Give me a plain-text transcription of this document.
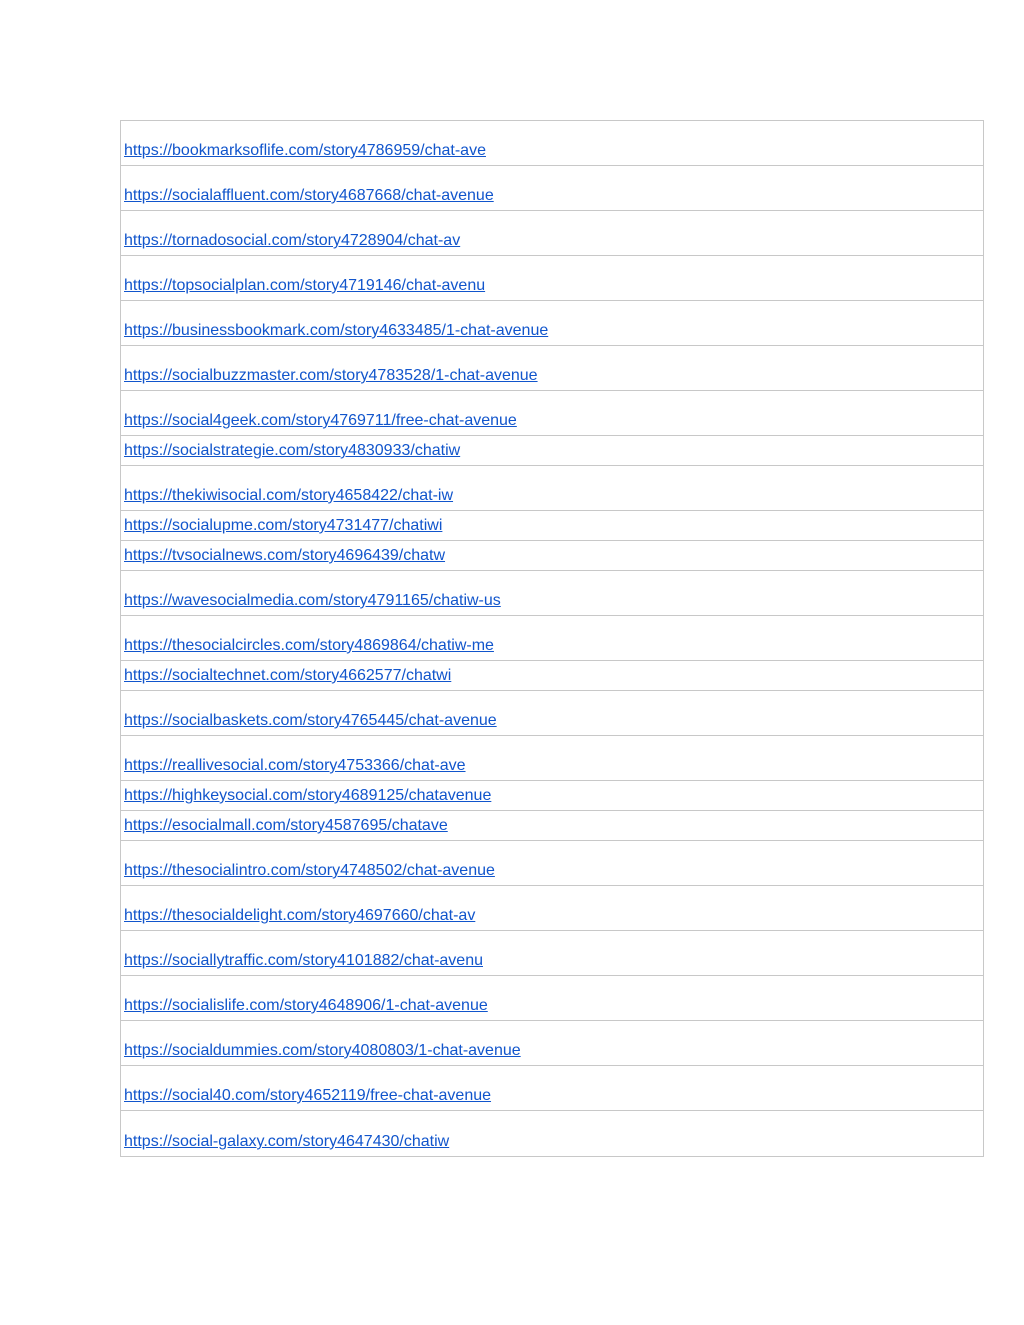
https://bookmarksoflife.com/story4786959/chat-ave
https://socialaffluent.com/story4687668/chat-avenue
https://tornadosocial.com/story4728904/chat-av
https://topsocialplan.com/story4719146/chat-avenu
https://businessbookmark.com/story4633485/1-chat-avenue
https://socialbuzzmaster.com/story4783528/1-chat-avenue
https://social4geek.com/story4769711/free-chat-avenue
https://socialstrategie.com/story4830933/chatiw
https://thekiwisocial.com/story4658422/chat-iw
https://socialupme.com/story4731477/chatiwi
https://tvsocialnews.com/story4696439/chatw
https://wavesocialmedia.com/story4791165/chatiw-us
https://thesocialcircles.com/story4869864/chatiw-me
https://socialtechnet.com/story4662577/chatwi
https://socialbaskets.com/story4765445/chat-avenue
https://reallivesocial.com/story4753366/chat-ave
https://highkeysocial.com/story4689125/chatavenue
https://esocialmall.com/story4587695/chatave
https://thesocialintro.com/story4748502/chat-avenue
https://thesocialdelight.com/story4697660/chat-av
https://sociallytraffic.com/story4101882/chat-avenu
https://socialislife.com/story4648906/1-chat-avenue
https://socialdummies.com/story4080803/1-chat-avenue
https://social40.com/story4652119/free-chat-avenue
https://social-galaxy.com/story4647430/chatiw
